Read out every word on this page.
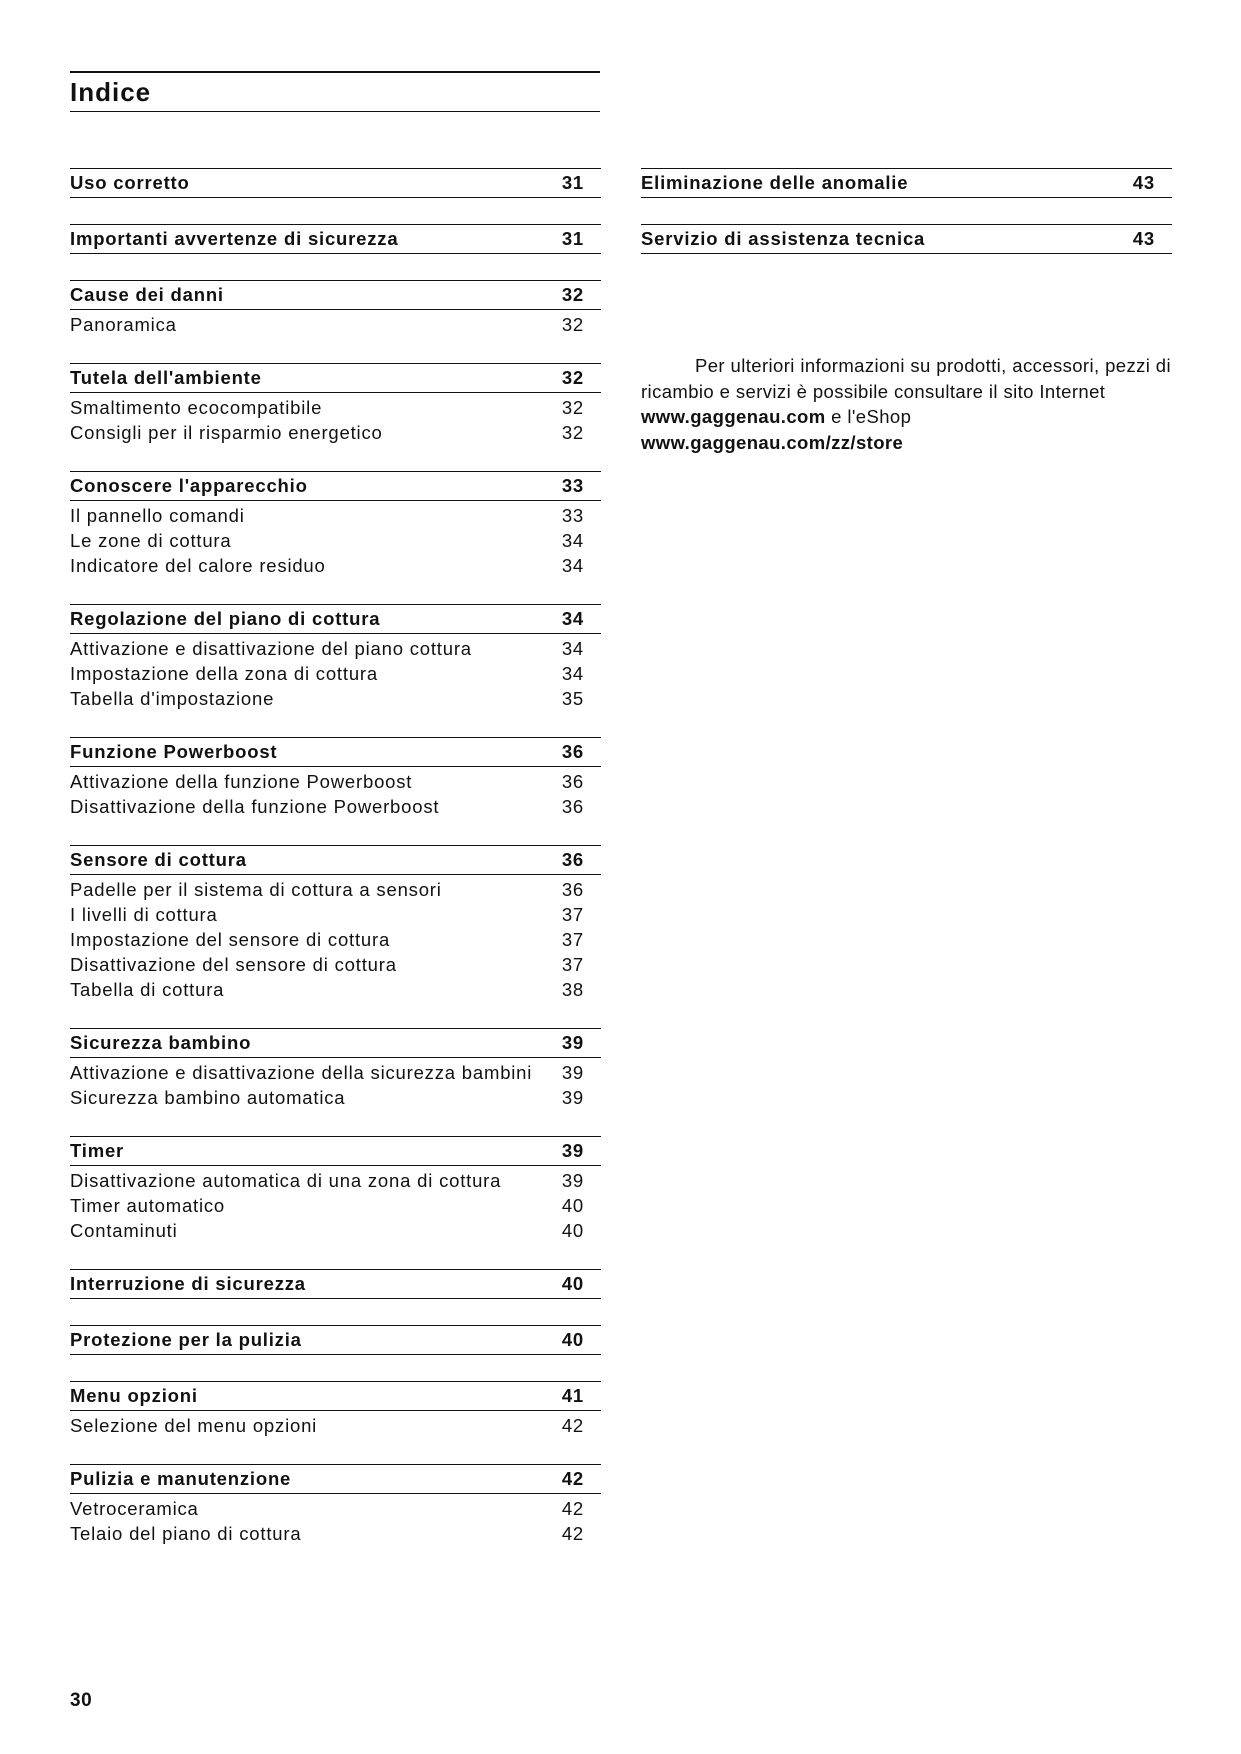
Indice
Uso corretto	31
Importanti avvertenze di sicurezza	31
Cause dei danni	32
Panoramica	32
Tutela dell'ambiente	32
Smaltimento ecocompatibile	32
Consigli per il risparmio energetico	32
Conoscere l'apparecchio	33
Il pannello comandi	33
Le zone di cottura	34
Indicatore del calore residuo	34
Regolazione del piano di cottura	34
Attivazione e disattivazione del piano cottura	34
Impostazione della zona di cottura	34
Tabella d'impostazione	35
Funzione Powerboost	36
Attivazione della funzione Powerboost	36
Disattivazione della funzione Powerboost	36
Sensore di cottura	36
Padelle per il sistema di cottura a sensori	36
I livelli di cottura	37
Impostazione del sensore di cottura	37
Disattivazione del sensore di cottura	37
Tabella di cottura	38
Sicurezza bambino	39
Attivazione e disattivazione della sicurezza bambini 39
Sicurezza bambino automatica	39
Timer	39
Disattivazione automatica di una zona di cottura	39
Timer automatico	40
Contaminuti	40
Interruzione di sicurezza	40
Protezione per la pulizia	40
Menu opzioni	41
Selezione del menu opzioni	42
Pulizia e manutenzione	42
Vetroceramica	42
Telaio del piano di cottura	42
Eliminazione delle anomalie	43
Servizio di assistenza tecnica	43

Per ulteriori informazioni su prodotti, accessori, pezzi di ricambio e servizi è possibile consultare il sito Internet www.gaggenau.com e l'eShop www.gaggenau.com/zz/store

30
